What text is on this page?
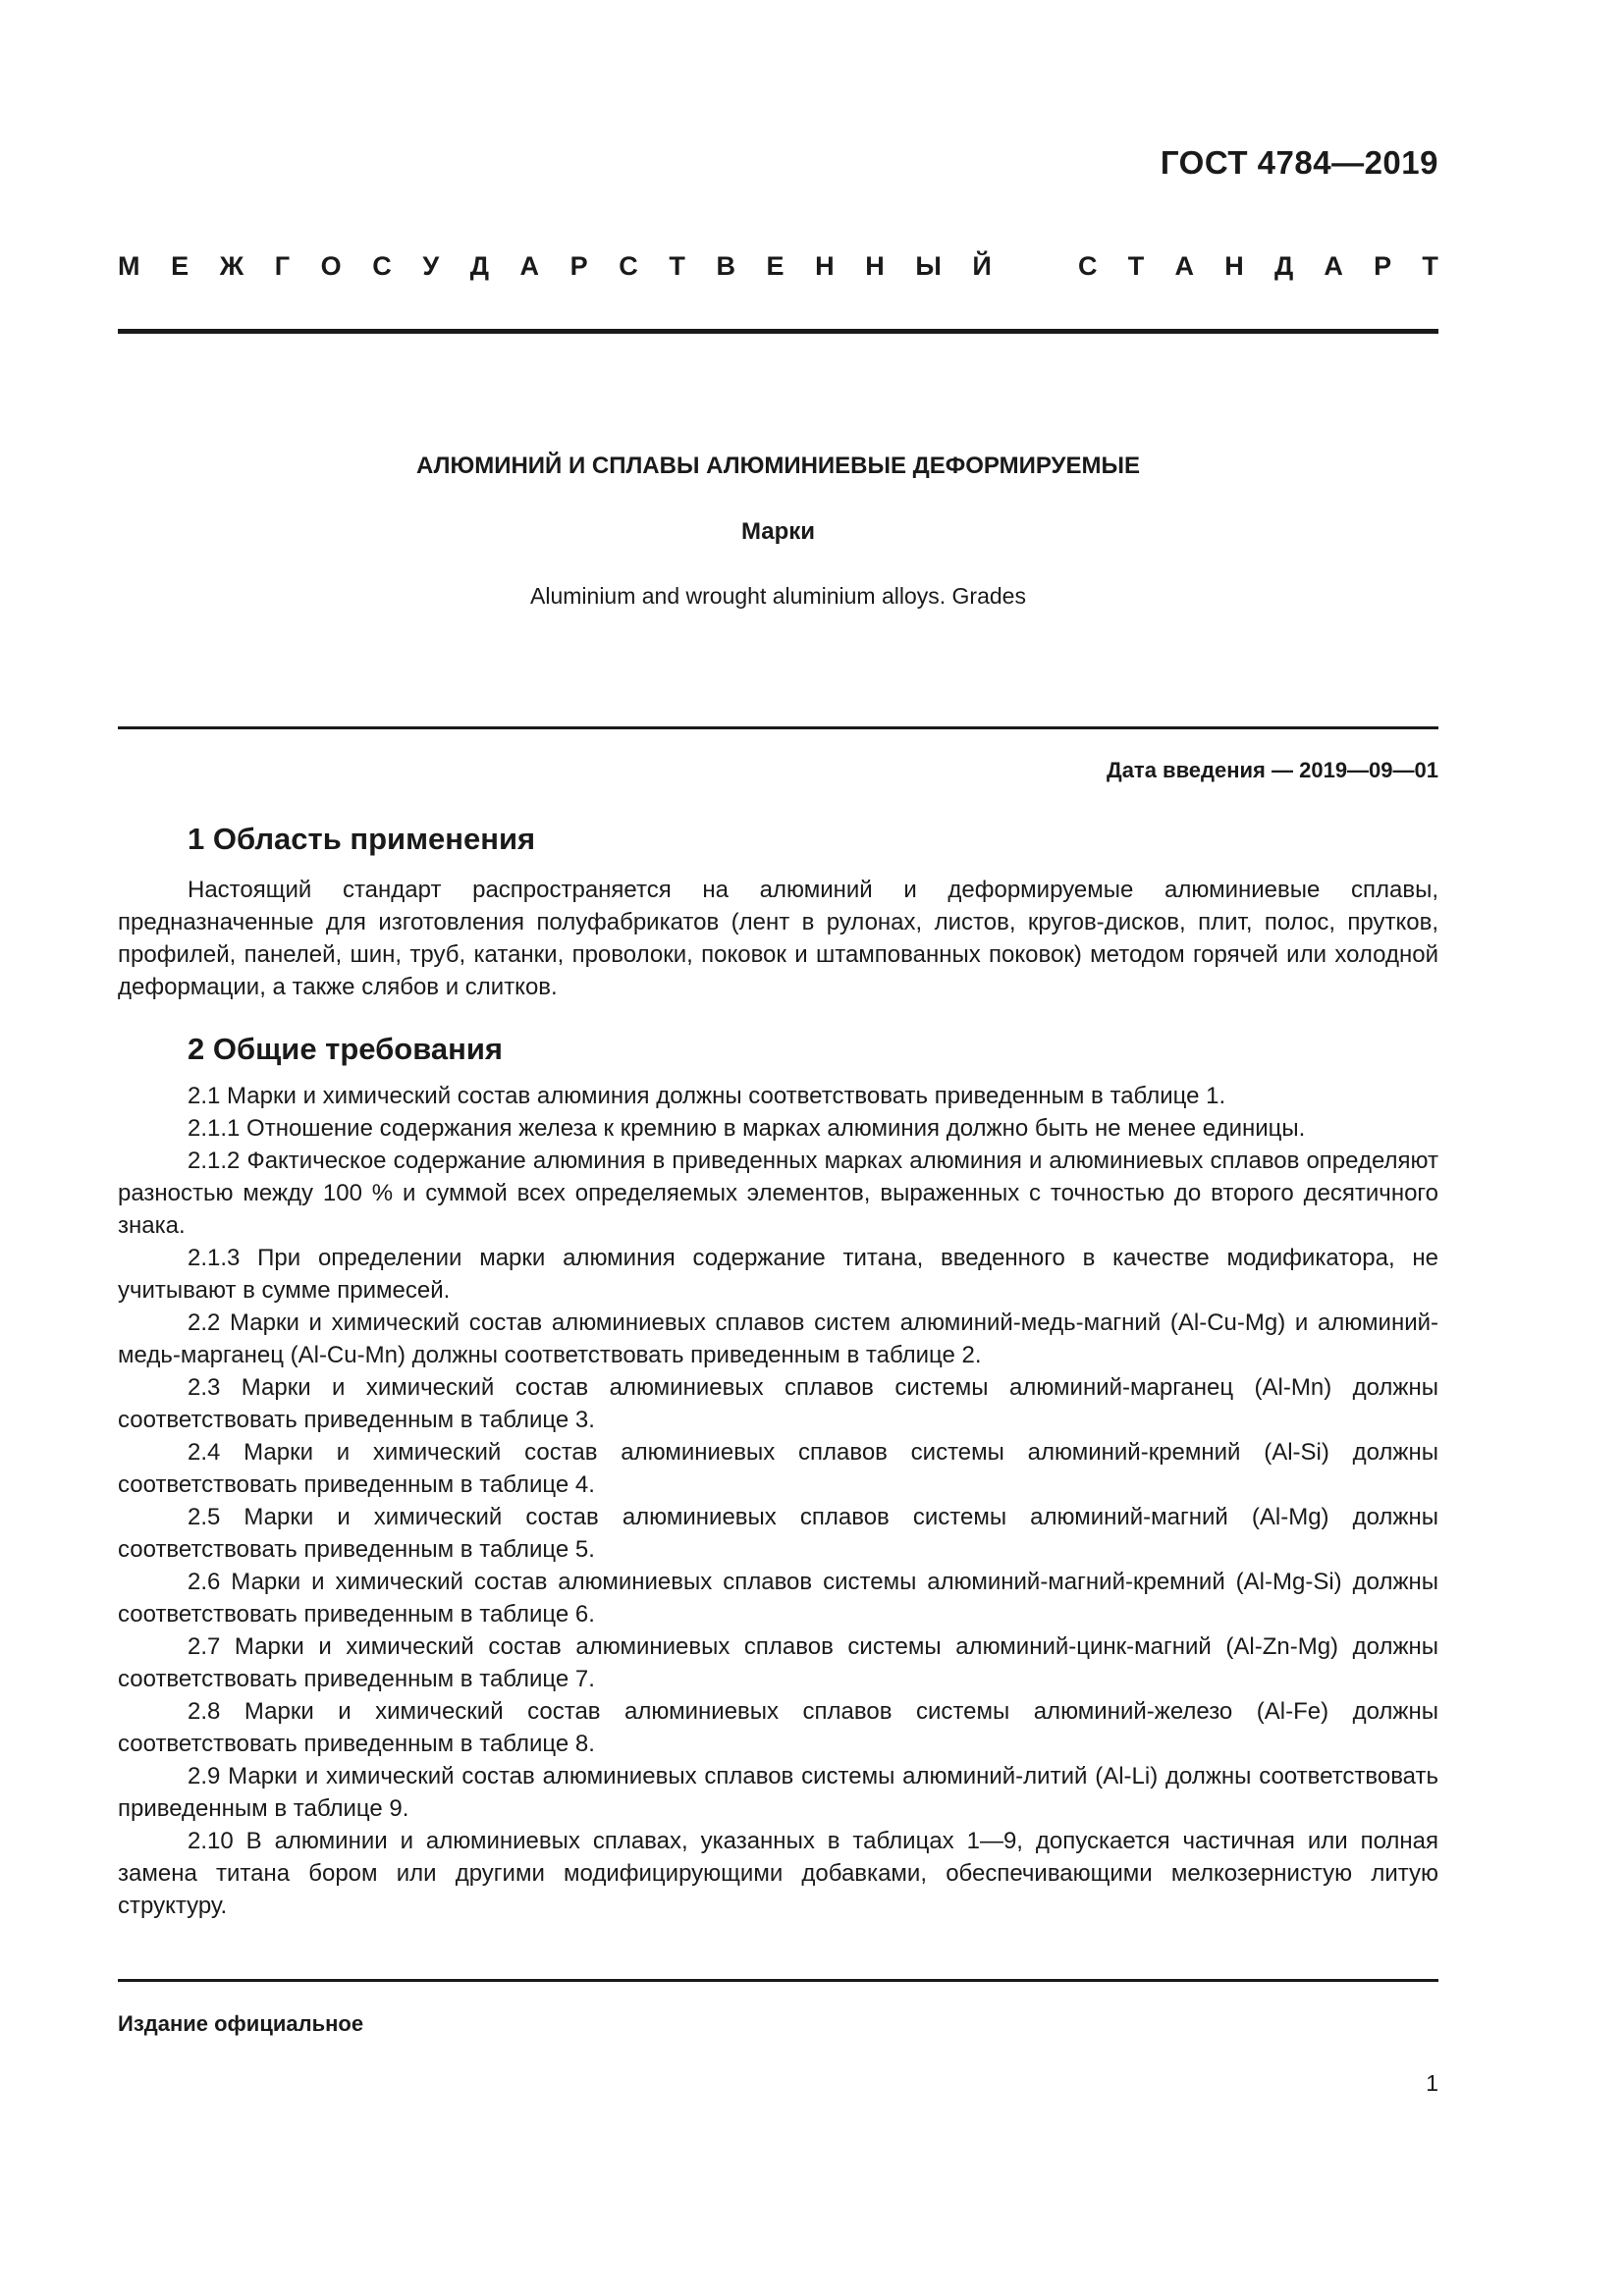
ГОСТ 4784—2019
М Е Ж Г О С У Д А Р С Т В Е Н Н Ы Й	С Т А Н Д А Р Т
АЛЮМИНИЙ И СПЛАВЫ АЛЮМИНИЕВЫЕ ДЕФОРМИРУЕМЫЕ
Марки
Aluminium and wrought aluminium alloys. Grades
Дата введения — 2019—09—01
1 Область применения

Настоящий стандарт распространяется на алюминий и деформируемые алюминиевые сплавы, предназначенные для изготовления полуфабрикатов (лент в рулонах, листов, кругов-дисков, плит, полос, прутков, профилей, панелей, шин, труб, катанки, проволоки, поковок и штампованных поковок) методом горячей или холодной деформации, а также слябов и слитков.

2 Общие требования

2.1 Марки и химический состав алюминия должны соответствовать приведенным в таблице 1.

2.1.1 Отношение содержания железа к кремнию в марках алюминия должно быть не менее единицы.

2.1.2 Фактическое содержание алюминия в приведенных марках алюминия и алюминиевых сплавов определяют разностью между 100 % и суммой всех определяемых элементов, выраженных с точностью до второго десятичного знака.

2.1.3 При определении марки алюминия содержание титана, введенного в качестве модификатора, не учитывают в сумме примесей.

2.2 Марки и химический состав алюминиевых сплавов систем алюминий-медь-магний (Al-Cu-Mg) и алюминий-медь-марганец (Al-Cu-Mn) должны соответствовать приведенным в таблице 2.

2.3 Марки и химический состав алюминиевых сплавов системы алюминий-марганец (Al-Mn) должны соответствовать приведенным в таблице 3.

2.4 Марки и химический состав алюминиевых сплавов системы алюминий-кремний (Al-Si) должны соответствовать приведенным в таблице 4.

2.5 Марки и химический состав алюминиевых сплавов системы алюминий-магний (Al-Mg) должны соответствовать приведенным в таблице 5.

2.6 Марки и химический состав алюминиевых сплавов системы алюминий-магний-кремний (Al-Mg-Si) должны соответствовать приведенным в таблице 6.

2.7 Марки и химический состав алюминиевых сплавов системы алюминий-цинк-магний (Al-Zn-Mg) должны соответствовать приведенным в таблице 7.

2.8 Марки и химический состав алюминиевых сплавов системы алюминий-железо (Al-Fe) должны соответствовать приведенным в таблице 8.

2.9 Марки и химический состав алюминиевых сплавов системы алюминий-литий (Al-Li) должны соответствовать приведенным в таблице 9.

2.10 В алюминии и алюминиевых сплавах, указанных в таблицах 1—9, допускается частичная или полная замена титана бором или другими модифицирующими добавками, обеспечивающими мелкозернистую литую структуру.

Издание официальное
1
